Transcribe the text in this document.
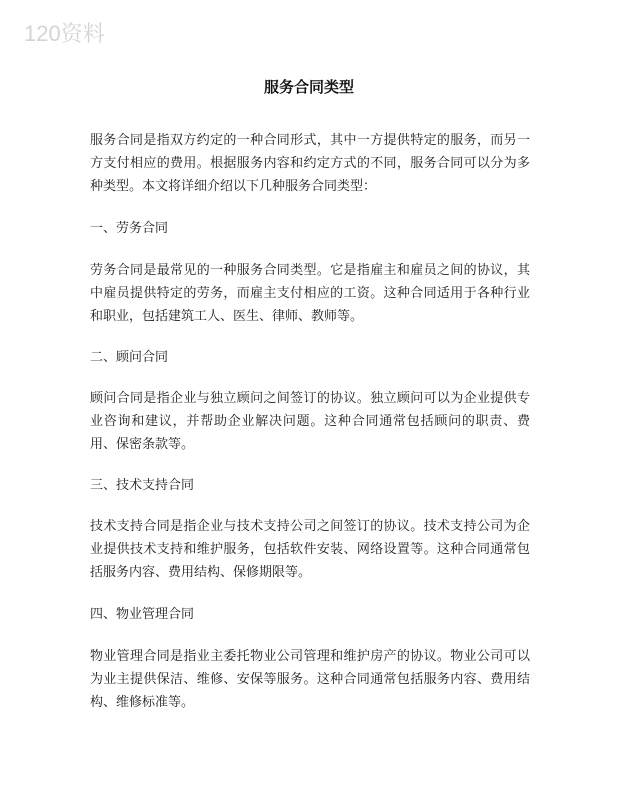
120资料
服务合同类型
服务合同是指双方约定的一种合同形式，其中一方提供特定的服务，而另一方支付相应的费用。根据服务内容和约定方式的不同，服务合同可以分为多种类型。本文将详细介绍以下几种服务合同类型：
一、劳务合同
劳务合同是最常见的一种服务合同类型。它是指雇主和雇员之间的协议，其中雇员提供特定的劳务，而雇主支付相应的工资。这种合同适用于各种行业和职业，包括建筑工人、医生、律师、教师等。
二、顾问合同
顾问合同是指企业与独立顾问之间签订的协议。独立顾问可以为企业提供专业咨询和建议，并帮助企业解决问题。这种合同通常包括顾问的职责、费用、保密条款等。
三、技术支持合同
技术支持合同是指企业与技术支持公司之间签订的协议。技术支持公司为企业提供技术支持和维护服务，包括软件安装、网络设置等。这种合同通常包括服务内容、费用结构、保修期限等。
四、物业管理合同
物业管理合同是指业主委托物业公司管理和维护房产的协议。物业公司可以为业主提供保洁、维修、安保等服务。这种合同通常包括服务内容、费用结构、维修标准等。
